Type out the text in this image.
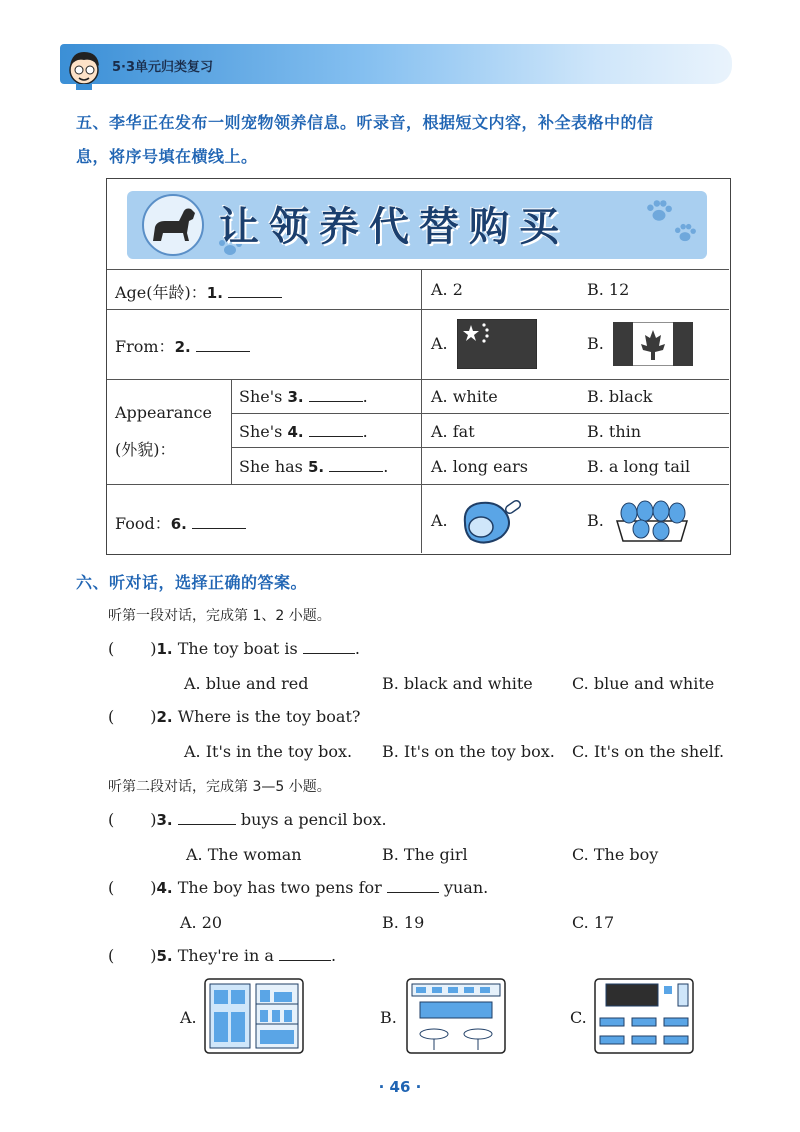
5·3单元归类复习
五、李华正在发布一则宠物领养信息。听录音，根据短文内容，补全表格中的信
息，将序号填在横线上。
让领养代替购买
Age(年龄)：1.	A. 2	B. 12
From：2.	A.	B.
Appearance
(外貌)：
She's 3.	.	A. white	B. black
She's 4.	.	A. fat	B. thin
She has 5.	.	A. long ears	B. a long tail
Food：6.	A.	B.
六、听对话，选择正确的答案。
听第一段对话，完成第 1、2 小题。
( )1. The toy boat is	.
A. blue and red	B. black and white C. blue and white
( )2. Where is the toy boat?
A. It's in the toy box. B. It's on the toy box. C. It's on the shelf.
听第二段对话，完成第 3—5 小题。
( )3.	buys a pencil box.
A. The woman	B. The girl	C. The boy
( )4. The boy has two pens for	yuan.
A. 20	B. 19	C. 17
( )5. They're in a	.
A.	B.	C.
· 46 ·
